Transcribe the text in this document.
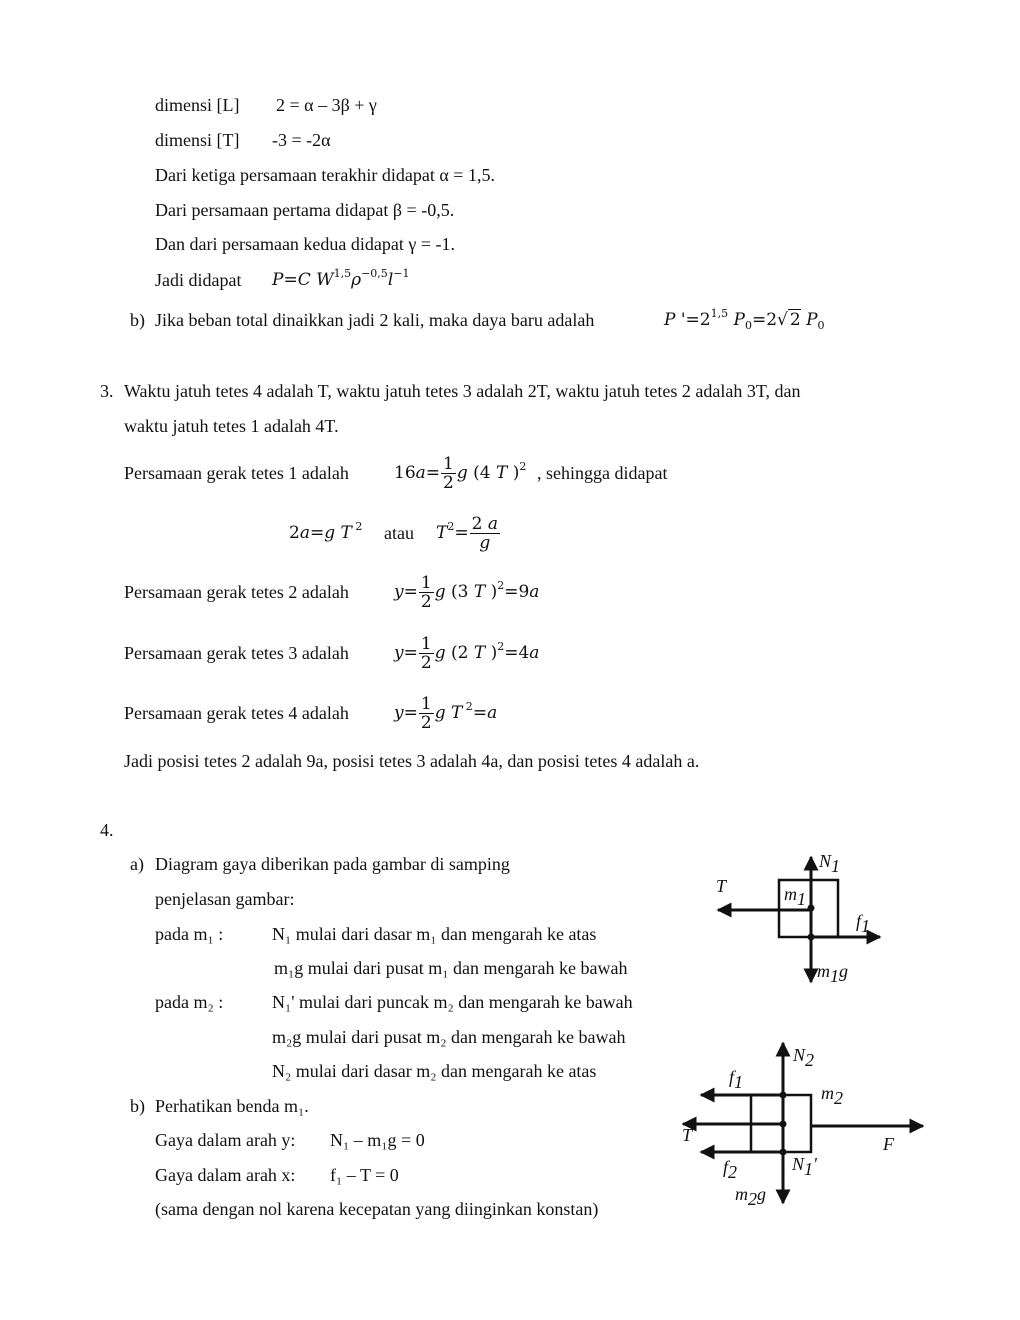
dimensi [L] 2 = α – 3β + γ
dimensi [T] -3 = -2α
Dari ketiga persamaan terakhir didapat α = 1,5.
Dari persamaan pertama didapat β = -0,5.
Dan dari persamaan kedua didapat γ = -1.
Jadi didapat P=C $W^{1,5}\rho^{-0,5}l^{-1}$
b) Jika beban total dinaikkan jadi 2 kali, maka daya baru adalah	P '$=2^{1,5}$ $P_0=2√$ 2 $P_0$
3. Waktu jatuh tetes 4 adalah T, waktu jatuh tetes 3 adalah 2T, waktu jatuh tetes 2 adalah 3T, dan
waktu jatuh tetes 1 adalah 4T.
Persamaan gerak tetes 1 adalah	$16a= \frac{1}{2}$ g (4 T )$^2$ , sehingga didapat
2a=g T $^2$ atau $T^2= \frac{2 a}{g}$
Persamaan gerak tetes 2 adalah	$y= \frac{1}{2}$ g (3 T )$^2$=9a
Persamaan gerak tetes 3 adalah	$y= \frac{1}{2}$ g (2 T )$^2$=4a
Persamaan gerak tetes 4 adalah	$y= \frac{1}{2}$ g T $^2$=a
Jadi posisi tetes 2 adalah 9a, posisi tetes 3 adalah 4a, dan posisi tetes 4 adalah a.
4.
a) Diagram gaya diberikan pada gambar di samping
penjelasan gambar:
pada m₁ :	N₁ mulai dari dasar m₁ dan mengarah ke atas
m₁g mulai dari pusat m₁ dan mengarah ke bawah
pada m₂ :	N₁' mulai dari puncak m₂ dan mengarah ke bawah
m₂g mulai dari pusat m₂ dan mengarah ke bawah
N₂ mulai dari dasar m₂ dan mengarah ke atas
b) Perhatikan benda m₁.
Gaya dalam arah y: N₁ – m₁g = 0
Gaya dalam arah x: f₁ – T = 0
(sama dengan nol karena kecepatan yang diinginkan konstan)
N1
T	m1
f1
m1g
N2
m2
f1
T	F
f2	N1'
m2g
